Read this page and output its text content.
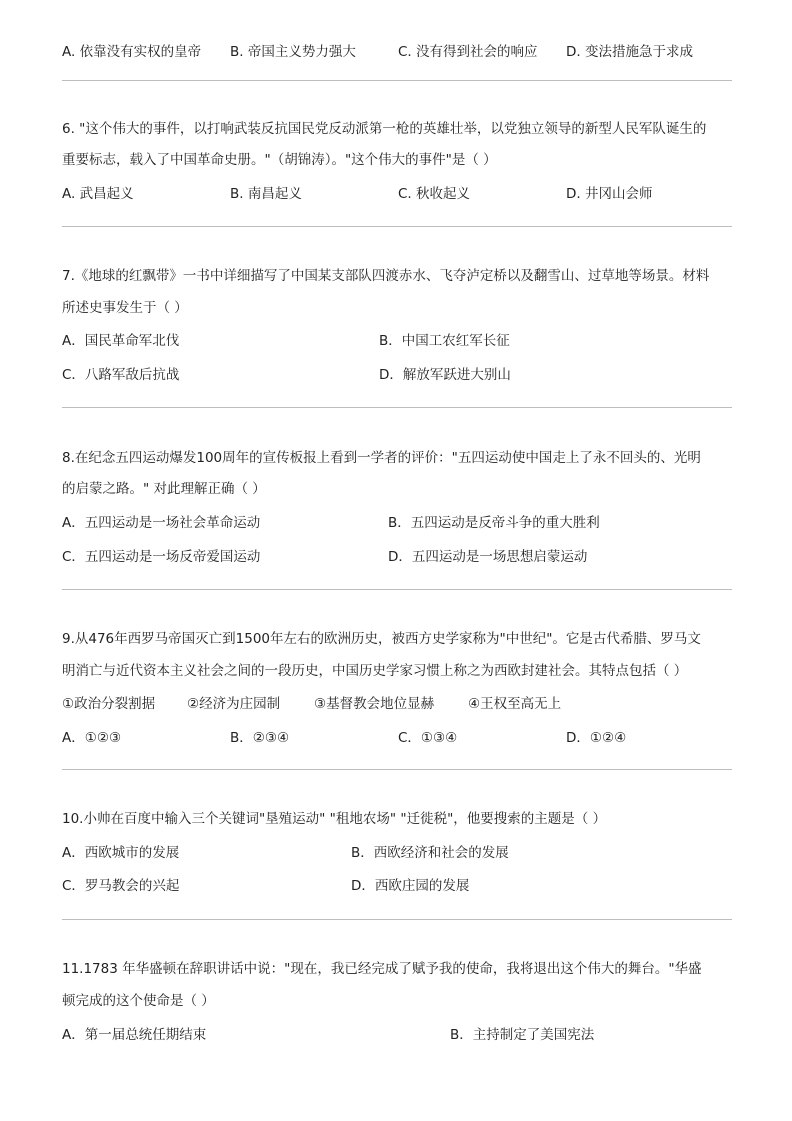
A. 依靠没有实权的皇帝 B. 帝国主义势力强大	C. 没有得到社会的响应 D. 变法措施急于求成
6. "这个伟大的事件，以打响武装反抗国民党反动派第一枪的英雄壮举，以党独立领导的新型人民军队诞生的
重要标志，载入了中国革命史册。"（胡锦涛）。"这个伟大的事件"是（ ）
A. 武昌起义	B. 南昌起义	C. 秋收起义	D. 井冈山会师
7.《地球的红飘带》一书中详细描写了中国某支部队四渡赤水、飞夺泸定桥以及翻雪山、过草地等场景。材料
所述史事发生于（ ）
A．国民革命军北伐	B．中国工农红军长征
C．八路军敌后抗战	D．解放军跃进大别山
8.在纪念五四运动爆发100周年的宣传板报上看到一学者的评价："五四运动使中国走上了永不回头的、光明
的启蒙之路。" 对此理解正确（ ）
A．五四运动是一场社会革命运动	B．五四运动是反帝斗争的重大胜利
C．五四运动是一场反帝爱国运动	D．五四运动是一场思想启蒙运动
9.从476年西罗马帝国灭亡到1500年左右的欧洲历史，被西方史学家称为"中世纪"。它是古代希腊、罗马文
明消亡与近代资本主义社会之间的一段历史，中国历史学家习惯上称之为西欧封建社会。其特点包括（ ）
①政治分裂割据 ②经济为庄园制	③基督教会地位显赫	④王权至高无上
A．①②③	B．②③④	C．①③④	D．①②④
10.小帅在百度中输入三个关键词"垦殖运动" "租地农场" "迁徙税"，他要搜索的主题是（ ）
A．西欧城市的发展	B．西欧经济和社会的发展
C．罗马教会的兴起	D．西欧庄园的发展
11.1783 年华盛顿在辞职讲话中说："现在，我已经完成了赋予我的使命，我将退出这个伟大的舞台。"华盛
顿完成的这个使命是（ ）
A．第一届总统任期结束	B．主持制定了美国宪法
